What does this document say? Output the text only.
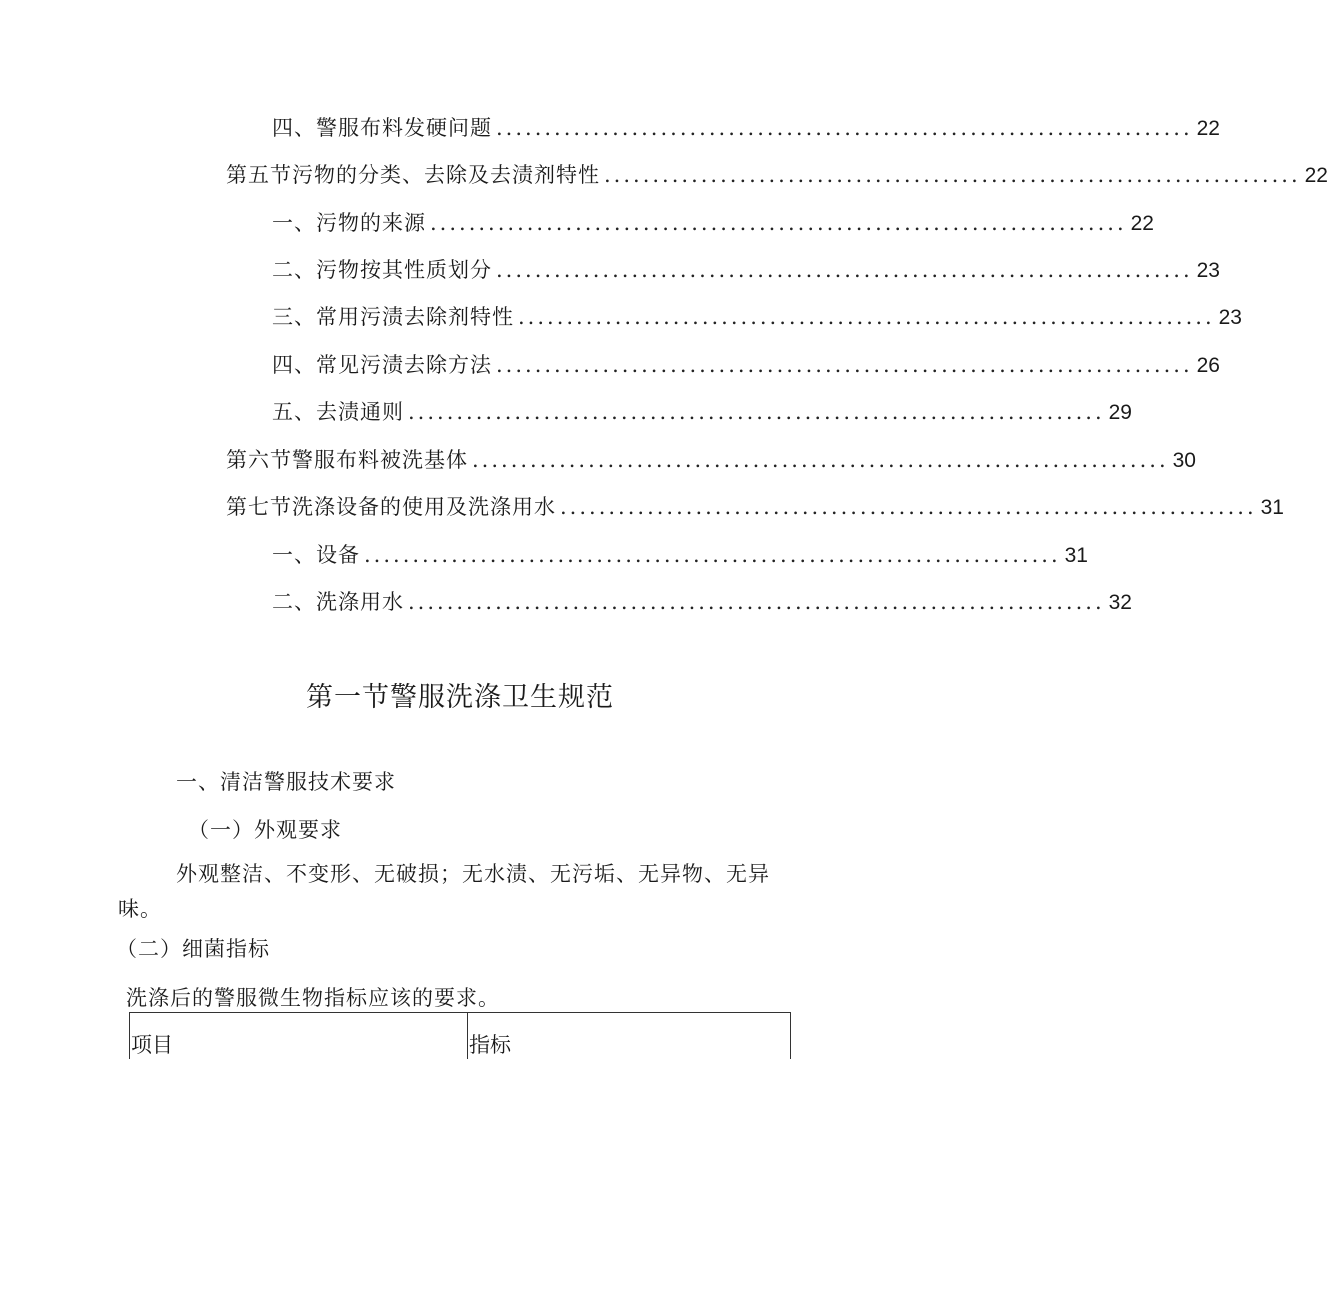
四、警服布料发硬问题 ........................................................................ 22
第五节污物的分类、去除及去渍剂特性 ........................................................................ 22
一、污物的来源 ........................................................................ 22
二、污物按其性质划分 ........................................................................ 23
三、常用污渍去除剂特性 ........................................................................ 23
四、常见污渍去除方法 ........................................................................ 26
五、去渍通则 ........................................................................ 29
第六节警服布料被洗基体 ........................................................................ 30
第七节洗涤设备的使用及洗涤用水 ........................................................................ 31
一、设备 ........................................................................ 31
二、洗涤用水 ........................................................................ 32
第一节警服洗涤卫生规范
一、清洁警服技术要求
（一）外观要求
外观整洁、不变形、无破损；无水渍、无污垢、无异物、无异味。
（二）细菌指标
洗涤后的警服微生物指标应该的要求。
项目	指标
